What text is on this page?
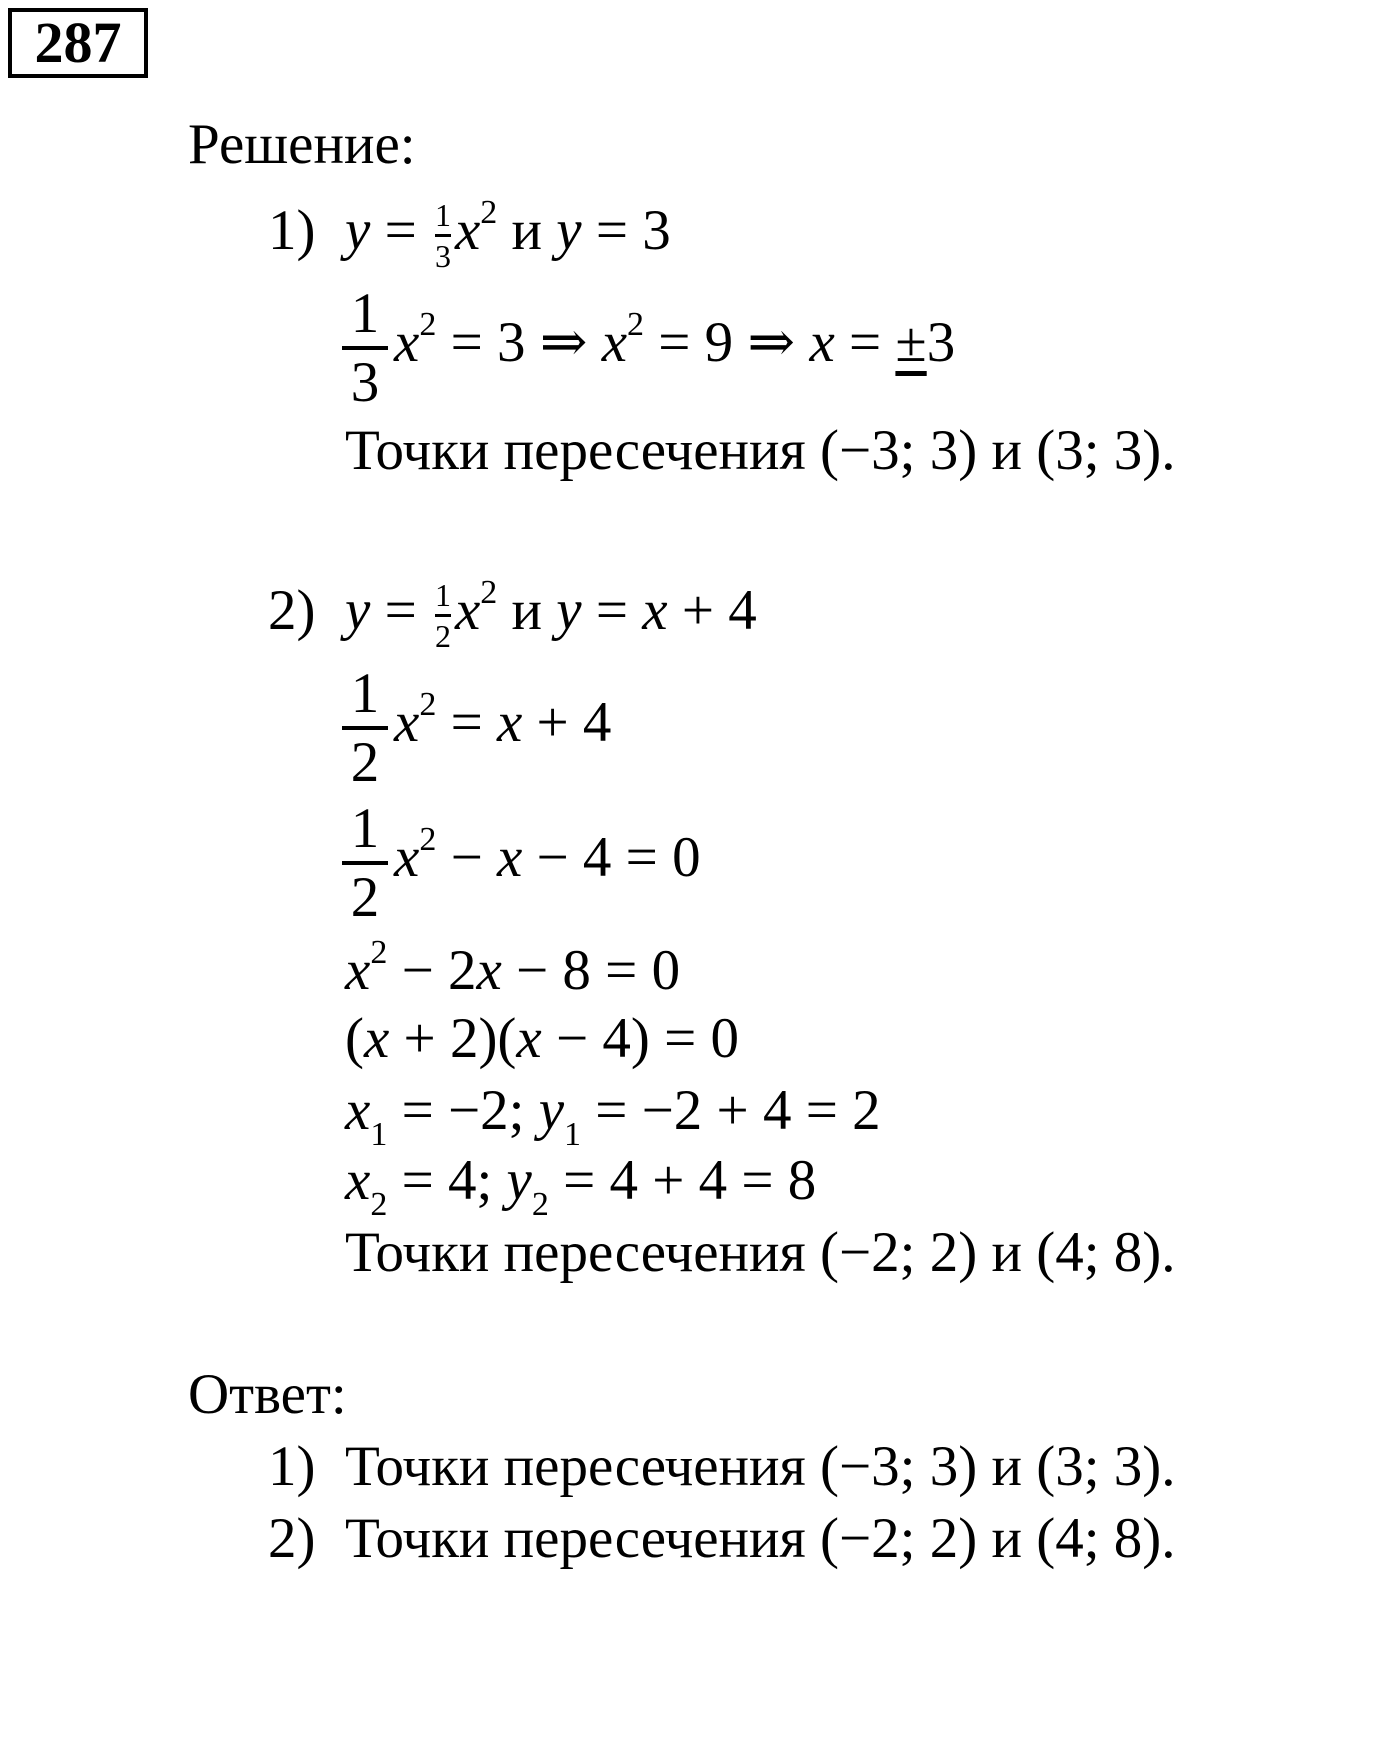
287
Решение:
1) $y = \frac{1}{3} x^2$ и y = 3
$\frac{1}{3} x^2 = 3$ ⇒ $x^2 = 9$ ⇒ x = ±3
Точки пересечения (−3; 3) и (3; 3).
2) $y = \frac{1}{2} x^2$ и y = x + 4
$\frac{1}{2} x^2 = x + 4$
$\frac{1}{2} x^2 - x - 4 = 0$
$x^2 - 2x - 8 = 0$
(x + 2)(x − 4) = 0
$x_1 = -2$; $y_1 = -2 + 4 = 2$
$x_2 = 4$; $y_2 = 4 + 4 = 8$
Точки пересечения (−2; 2) и (4; 8).
Ответ:
1) Точки пересечения (−3; 3) и (3; 3).
2) Точки пересечения (−2; 2) и (4; 8).
